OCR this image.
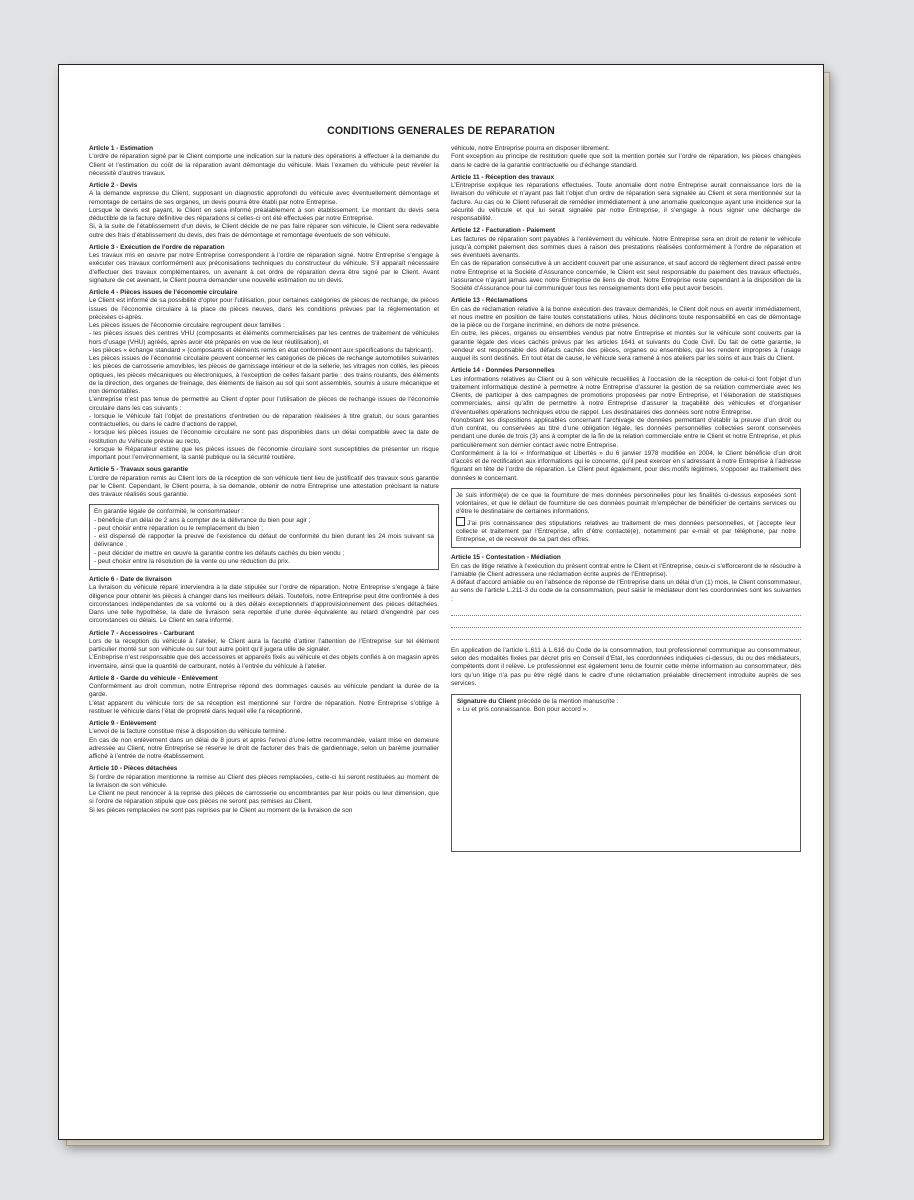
CONDITIONS GENERALES DE REPARATION
Article 1 - Estimation
L’ordre de réparation signé par le Client comporte une indication sur la nature des opérations à effectuer à la demande du Client et l’estimation du coût de la réparation avant démontage du véhicule. Mais l’examen du véhicule peut révéler la nécessité d’autres travaux.
Article 2 - Devis
A la demande expresse du Client, supposant un diagnostic approfondi du véhicule avec éventuellement démontage et remontage de certains de ses organes, un devis pourra être établi par notre Entreprise.
Lorsque le devis est payant, le Client en sera informé préalablement à son établissement. Le montant du devis sera déductible de la facture définitive des réparations si celles-ci ont été effectuées par notre Entreprise.
Si, à la suite de l’établissement d’un devis, le Client décide de ne pas faire réparer son véhicule, le Client sera redevable outre des frais d’établissement du devis, des frais de démontage et remontage éventuels de son véhicule.
Article 3 - Exécution de l’ordre de réparation
Les travaux mis en œuvre par notre Entreprise correspondent à l’ordre de réparation signé. Notre Entreprise s’engage à exécuter ces travaux conformément aux préconisations techniques du constructeur du véhicule. S’il apparaît nécessaire d’effectuer des travaux complémentaires, un avenant à cet ordre de réparation devra être signé par le Client. Avant signature de cet avenant, le Client pourra demander une nouvelle estimation ou un devis.
Article 4 - Pièces issues de l’économie circulaire
Le Client est informé de sa possibilité d’opter pour l’utilisation, pour certaines catégories de pièces de rechange, de pièces issues de l’économie circulaire à la place de pièces neuves, dans les conditions prévues par la réglementation et précisées ci-après.
Les pièces issues de l’économie circulaire regroupent deux familles :
- les pièces issues des centres VHU (composants et éléments commercialisés par les centres de traitement de véhicules hors d’usage (VHU) agréés, après avoir été préparés en vue de leur réutilisation), et
- les pièces « échange standard » (composants et éléments remis en état conformément aux spécifications du fabricant).
Les pièces issues de l’économie circulaire peuvent concerner les catégories de pièces de rechange automobiles suivantes : les pièces de carrosserie amovibles, les pièces de garnissage intérieur et de la sellerie, les vitrages non collés, les pièces optiques, les pièces mécaniques ou électroniques, à l’exception de celles faisant partie : des trains roulants, des éléments de la direction, des organes de freinage, des éléments de liaison au sol qui sont assemblés, soumis à usure mécanique et non démontables.
L’entreprise n’est pas tenue de permettre au Client d’opter pour l’utilisation de pièces de rechange issues de l’économie circulaire dans les cas suivants :
- lorsque le Véhicule fait l’objet de prestations d’entretien ou de réparation réalisées à titre gratuit, ou sous garanties contractuelles, ou dans le cadre d’actions de rappel,
- lorsque les pièces issues de l’économie circulaire ne sont pas disponibles dans un délai compatible avec la date de restitution du Véhicule prévue au recto,
- lorsque le Réparateur estime que les pièces issues de l’économie circulaire sont susceptibles de présenter un risque important pour l’environnement, la santé publique ou la sécurité routière.
Article 5 - Travaux sous garantie
L’ordre de réparation remis au Client lors de la réception de son véhicule tient lieu de justificatif des travaux sous garantie par le Client. Cependant, le Client pourra, à sa demande, obtenir de notre Entreprise une attestation précisant la nature des travaux réalisés sous garantie.
En garantie légale de conformité, le consommateur :
- bénéficie d’un délai de 2 ans à compter de la délivrance du bien pour agir ;
- peut choisir entre réparation ou le remplacement du bien ;
- est dispensé de rapporter la preuve de l’existence du défaut de conformité du bien durant les 24 mois suivant sa délivrance ;
- peut décider de mettre en œuvre la garantie contre les défauts cachés du bien vendu ;
- peut choisir entre la résolution de la vente ou une réduction du prix.
Article 6 - Date de livraison
La livraison du véhicule réparé interviendra à la date stipulée sur l’ordre de réparation. Notre Entreprise s’engage à faire diligence pour obtenir les pièces à changer dans les meilleurs délais. Toutefois, notre Entreprise peut être confrontée à des circonstances indépendantes de sa volonté ou à des délais exceptionnels d’approvisionnement des pièces détachées. Dans une telle hypothèse, la date de livraison sera reportée d’une durée équivalente au retard d’engendré par ces circonstances ou délais. Le Client en sera informé.
Article 7 - Accessoires - Carburant
Lors de la réception du véhicule à l’atelier, le Client aura la faculté d’attirer l’attention de l’Entreprise sur tel élément particulier monté sur son véhicule ou sur tout autre point qu’il jugera utile de signaler.
L’Entreprise n’est responsable que des accessoires et appareils fixés au véhicule et des objets confiés à on magasin après inventaire, ainsi que la quantité de carburant, notés à l’entrée du véhicule à l’atelier.
Article 8 - Garde du véhicule - Enlèvement
Conformément au droit commun, notre Entreprise répond des dommages causés au véhicule pendant la durée de la garde.
L’état apparent du véhicule lors de sa réception est mentionné sur l’ordre de réparation. Notre Entreprise s’oblige à restituer le véhicule dans l’état de propreté dans lequel elle l’a réceptionné.
Article 9 - Enlèvement
L’envoi de la facture constitue mise à disposition du véhicule terminé.
En cas de non enlèvement dans un délai de 8 jours et après l’envoi d’une lettre recommandée, valant mise en demeure adressée au Client, notre Entreprise se réserve le droit de facturer des frais de gardiennage, selon un barème journalier affiché à l’entrée de notre établissement.
Article 10 - Pièces détachées
Si l’ordre de réparation mentionne la remise au Client des pièces remplacées, celle-ci lui seront restituées au moment de la livraison de son véhicule.
Le Client ne peut renoncer à la reprise des pièces de carrosserie ou encombrantes par leur poids ou leur dimension, que si l’ordre de réparation stipule que ces pièces ne seront pas remises au Client.
Si les pièces remplacées ne sont pas reprises par le Client au moment de la livraison de son
véhicule, notre Entreprise pourra en disposer librement.
Font exception au principe de restitution quelle que soit la mention portée sur l’ordre de réparation, les pièces changées dans le cadre de la garantie contractuelle ou d’échange standard.
Article 11 - Réception des travaux
L’Entreprise explique les réparations effectuées. Toute anomalie dont notre Entreprise aurait connaissance lors de la livraison du véhicule et n’ayant pas fait l’objet d’un ordre de réparation sera signalée au Client et sera mentionnée sur la facture. Au cas où le Client refuserait de remédier immédiatement à une anomalie quelconque ayant une incidence sur la sécurité du véhicule et qui lui serait signalée par notre Entreprise, il s’engage à nous signer une décharge de responsabilité.
Article 12 - Facturation - Paiement
Les factures de réparation sont payables à l’enlèvement du véhicule. Notre Entreprise sera en droit de retenir le véhicule jusqu’à complet paiement des sommes dues à raison des prestations réalisées conformément à l’ordre de réparation et ses éventuels avenants.
En cas de réparation consécutive à un accident couvert par une assurance, et sauf accord de règlement direct passé entre notre Entreprise et la Société d’Assurance concernée, le Client est seul responsable du paiement des travaux effectués, l’assurance n’ayant jamais avec notre Entreprise de liens de droit. Notre Entreprise reste cependant à la disposition de la Société d’Assurance pour lui communiquer tous les renseignements dont elle peut avoir besoin.
Article 13 - Réclamations
En cas de réclamation relative à la bonne exécution des travaux demandés, le Client doit nous en avertir immédiatement, et nous mettre en position de faire toutes constatations utiles. Nous déclinons toute responsabilité en cas de démontage de la pièce ou de l’organe incriminé, en dehors de notre présence.
En outre, les pièces, organes ou ensembles vendus par notre Entreprise et montés sur le véhicule sont couverts par la garantie légale des vices cachés prévus par les articles 1641 et suivants du Code Civil. Du fait de cette garantie, le vendeur est responsable des défauts cachés des pièces, organes ou ensembles, qui les rendent impropres à l’usage auquel ils sont destinés. En tout état de cause, le véhicule sera ramené à nos ateliers par les soins et aux frais du Client.
Article 14 - Données Personnelles
Les informations relatives au Client ou à son véhicule recueillies à l’occasion de la réception de celui-ci font l’objet d’un traitement informatique destiné à permettre à notre Entreprise d’assurer la gestion de sa relation commerciale avec les Clients, de participer à des campagnes de promotions proposées par notre Entreprise, et l’élaboration de statistiques commerciales, ainsi qu’afin de permettre à notre Entreprise d’assurer la traçabilité des véhicules et d’organiser d’éventuelles opérations techniques et/ou de rappel. Les destinataires des données sont notre Entreprise.
Nonobstant les dispositions applicables concernant l’archivage de données permettant d’établir la preuve d’un droit ou d’un contrat, ou conservées au titre d’une obligation légale, les données personnelles collectées seront conservées pendant une durée de trois (3) ans à compter de la fin de la relation commerciale entre le Client et notre Entreprise, et plus particulièrement son dernier contact avec notre Entreprise.
Conformément à la loi « Informatique et Libertés » du 6 janvier 1978 modifiée en 2004, le Client bénéficie d’un droit d’accès et de rectification aux informations qui le concerne, qu’il peut exercer en s’adressant à notre Entreprise à l’adresse figurant en tête de l’ordre de réparation. Le Client peut également, pour des motifs légitimes, s’opposer au traitement des données le concernant.
Je suis informé(e) de ce que la fourniture de mes données personnelles pour les finalités ci-dessus exposées sont volontaires, et que le défaut de fourniture de ces données pourrait m’empêcher de bénéficier de certains services ou d’être le destinataire de certaines informations.
J’ai pris connaissance des stipulations relatives au traitement de mes données personnelles, et j’accepte leur collecte et traitement par l’Entreprise, afin d’être contacté(e), notamment par e-mail et par téléphone, par notre Entreprise, et de recevoir de sa part des offres.
Article 15 - Contestation - Médiation
En cas de litige relative à l’exécution du présent contrat entre le Client et l’Entreprise, ceux-ci s’efforceront de le résoudre à l’amiable (le Client adressera une réclamation écrite auprès de l’Entreprise).
A défaut d’accord amiable ou en l’absence de réponse de l’Entreprise dans un délai d’un (1) mois, le Client consommateur, au sens de l’article L.211-3 du code de la consommation, peut saisir le médiateur dont les coordonnées sont les suivantes :
En application de l’article L.611 à L.616 du Code de la consommation, tout professionnel communique au consommateur, selon des modalités fixées par décret pris en Conseil d’Etat, les coordonnées indiquées ci-dessus, du ou des médiateurs, compétents dont il relève. Le professionnel est également tenu de fournir cette même information au consommateur, dès lors qu’un litige n’a pas pu être réglé dans le cadre d’une réclamation préalable directement introduite auprès de ses services.
Signature du Client précédé de la mention manuscrite :
« Lu et pris connaissance. Bon pour accord ».
